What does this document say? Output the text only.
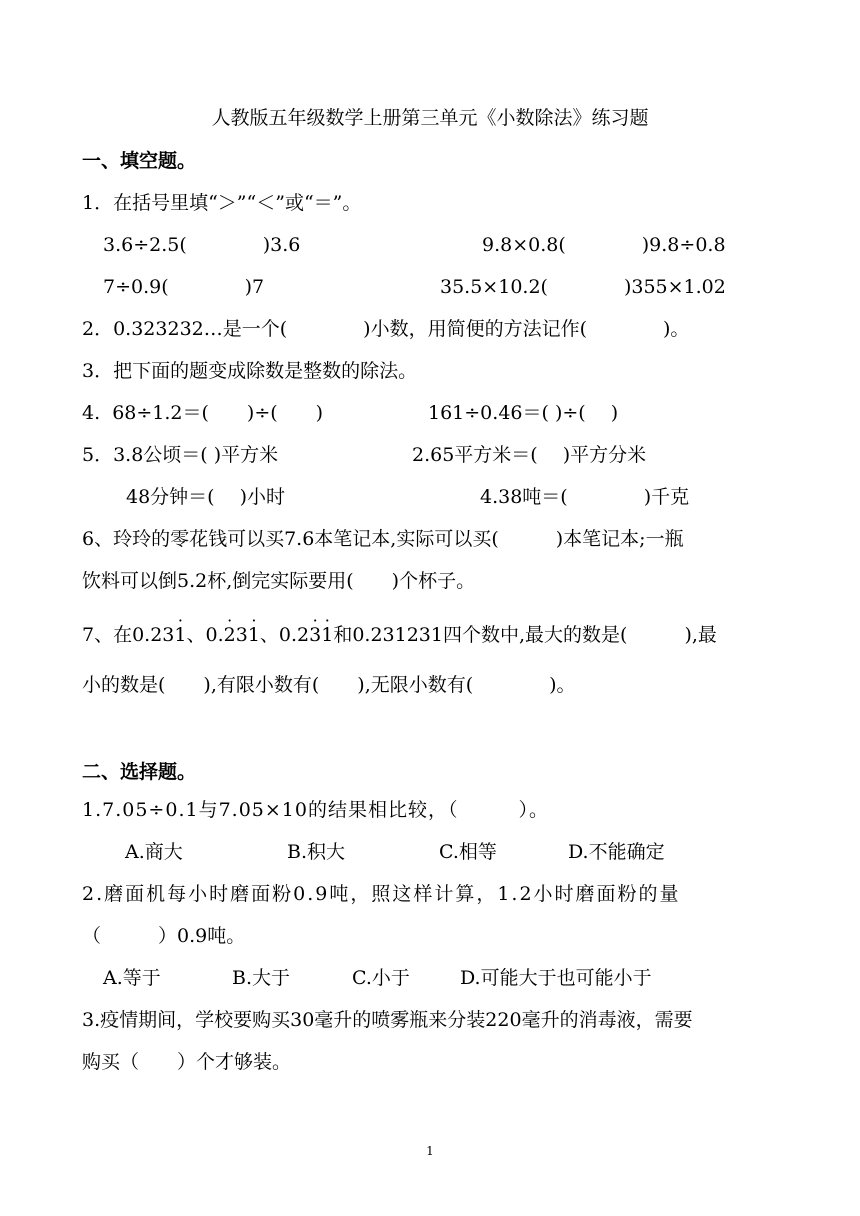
人教版五年级数学上册第三单元《小数除法》练习题
一、填空题。
1．在括号里填“＞”“＜”或“＝”。
3.6÷2.5(　　　　)3.6	9.8×0.8(　　　　)9.8÷0.8
7÷0.9(　　　　)7	35.5×10.2(　　　　)355×1.02
2．0.323232…是一个(　　　　)小数，用简便的方法记作(　　　　)。
3．把下面的题变成除数是整数的除法。
4.  68÷1.2＝(　　)÷(　　)	161÷0.46＝( )÷(　 )
5．3.8公顷＝( )平方米	2.65平方米＝(　 )平方分米
48分钟＝(　 )小时	4.38吨＝(　　　　)千克
6、玲玲的零花钱可以买7.6本笔记本,实际可以买(　　　)本笔记本;一瓶
饮料可以倒5.2杯,倒完实际要用(　　)个杯子。
7、在0.23· 1、0.· 23· 1、0.2· 3· 1和0.231231四个数中,最大的数是(　　　),最
小的数是(　　),有限小数有(　　),无限小数有(　　　　)。
二、选择题。
1.7.05÷0.1与7.05×10的结果相比较，（　　　）。
A.商大	B.积大	C.相等	D.不能确定
2.磨面机每小时磨面粉0.9吨，照这样计算，1.2小时磨面粉的量
（　　　）0.9吨。
A.等于	B.大于	C.小于	D.可能大于也可能小于
3.疫情期间，学校要购买30毫升的喷雾瓶来分装220毫升的消毒液，需要
购买（　　）个才够装。
1
